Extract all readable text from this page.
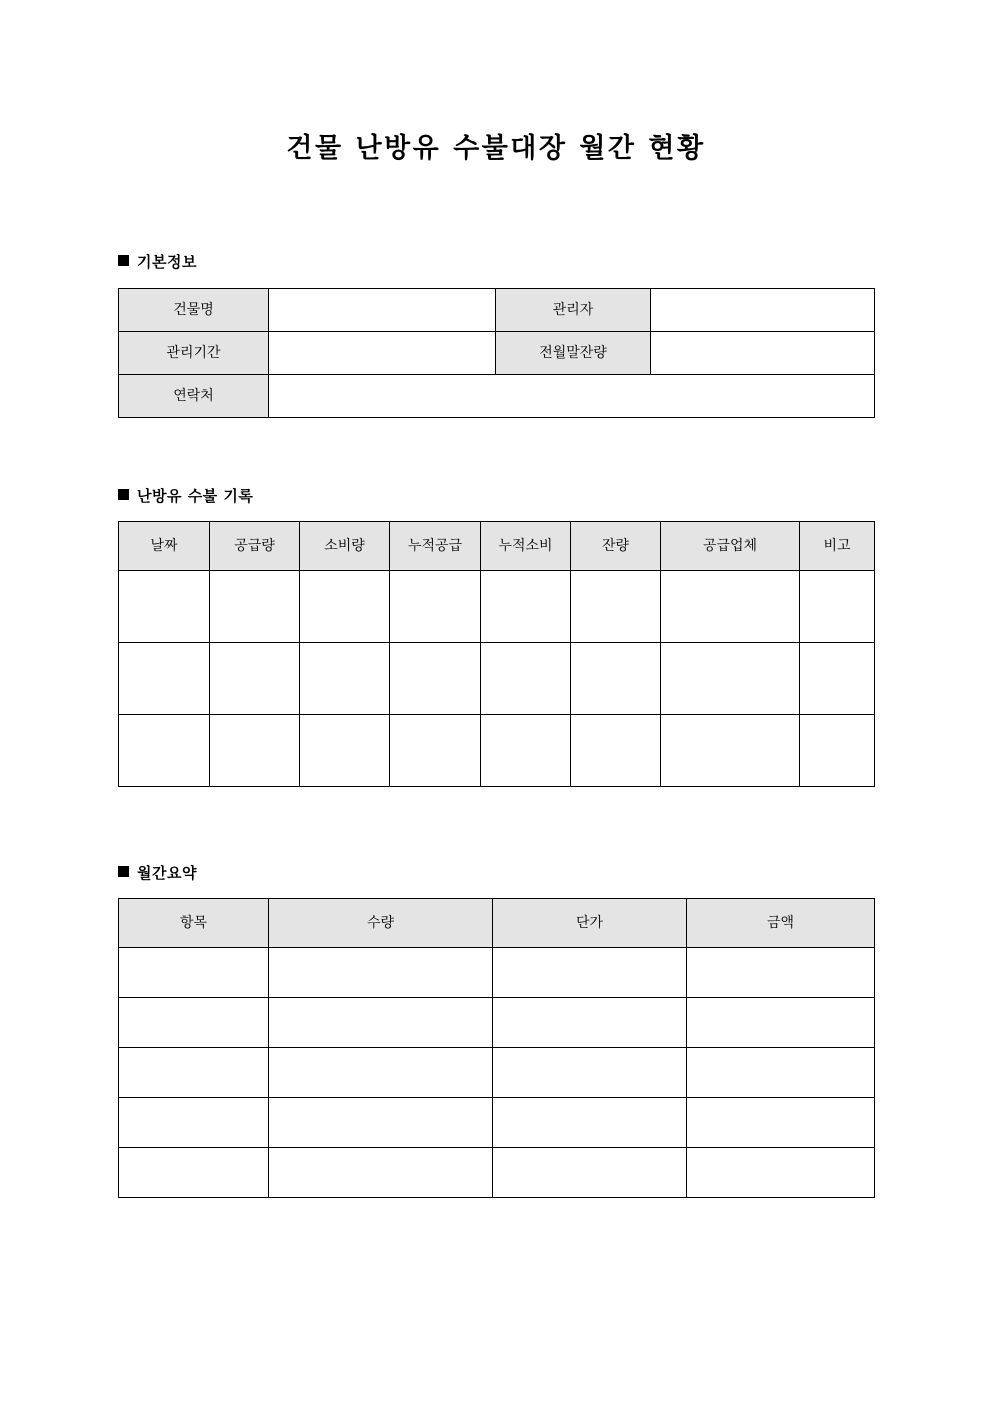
건물 난방유 수불대장 월간 현황
기본정보
건물명		관리자	
관리기간		전월말잔량	
연락처			
난방유 수불 기록
날짜	공급량	소비량	누적공급	누적소비	잔량	공급업체	비고

월간요약
항목	수량	단가	금액
